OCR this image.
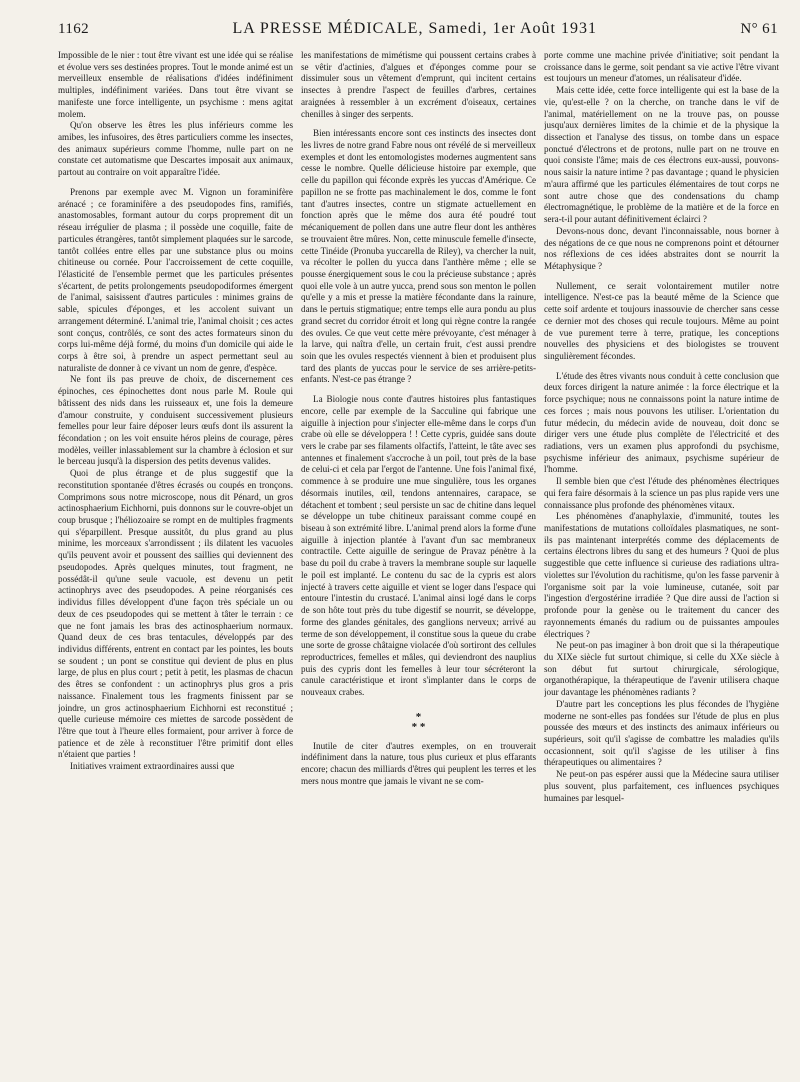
1162	LA PRESSE MÉDICALE, Samedi, 1er Août 1931	N° 61

Impossible de le nier : tout être vivant est une idée qui se réalise et évolue vers ses destinées propres. Tout le monde animé est un merveilleux ensemble de réalisations d'idées indéfiniment multiples, indéfiniment variées. Dans tout être vivant se manifeste une force intelligente, un psychisme : mens agitat molem.

Qu'on observe les êtres les plus inférieurs comme les amibes, les infusoires, des êtres particuliers comme les insectes, des animaux supérieurs comme l'homme, nulle part on ne constate cet automatisme que Descartes imposait aux animaux, partout au contraire on voit apparaître l'idée.

Prenons par exemple avec M. Vignon un foraminifère arénacé ; ce foraminifère a des pseudopodes fins, ramifiés, anastomosables, formant autour du corps proprement dit un réseau irrégulier de plasma ; il possède une coquille, faite de particules étrangères, tantôt simplement plaquées sur le sarcode, tantôt collées entre elles par une substance plus ou moins chitineuse ou cornée. Pour l'accroissement de cette coquille, l'élasticité de l'ensemble permet que les particules présentes s'écartent, de petits prolongements pseudopodiformes émergent de l'animal, saisissent d'autres particules : minimes grains de sable, spicules d'éponges, et les accolent suivant un arrangement déterminé. L'animal trie, l'animal choisit ; ces actes sont conçus, contrôlés, ce sont des actes formateurs sinon du corps lui-même déjà formé, du moins d'un domicile qui aide le corps à être soi, à prendre un aspect permettant seul au naturaliste de donner à ce vivant un nom de genre, d'espèce.

Ne font ils pas preuve de choix, de discernement ces épinoches, ces épinochettes dont nous parle M. Roule qui bâtissent des nids dans les ruisseaux et, une fois la demeure d'amour construite, y conduisent successivement plusieurs femelles pour leur faire déposer leurs œufs dont ils assurent la fécondation ; on les voit ensuite héros pleins de courage, pères modèles, veiller inlassablement sur la chambre à éclosion et sur le berceau jusqu'à la dispersion des petits devenus valides.

Quoi de plus étrange et de plus suggestif que la reconstitution spontanée d'êtres écrasés ou coupés en tronçons. Comprimons sous notre microscope, nous dit Pénard, un gros actinosphaerium Eichhorni, puis donnons sur le couvre-objet un coup brusque ; l'héliozoaire se rompt en de multiples fragments qui s'éparpillent. Presque aussitôt, du plus grand au plus minime, les morceaux s'arrondissent ; ils dilatent les vacuoles qu'ils peuvent avoir et poussent des saillies qui deviennent des pseudopodes. Après quelques minutes, tout fragment, ne possédât-il qu'une seule vacuole, est devenu un petit actinophrys avec des pseudopodes. A peine réorganisés ces individus filles développent d'une façon très spéciale un ou deux de ces pseudopodes qui se mettent à tâter le terrain : ce que ne font jamais les bras des actinosphaerium normaux. Quand deux de ces bras tentacules, développés par des individus différents, entrent en contact par les pointes, les bouts se soudent ; un pont se constitue qui devient de plus en plus large, de plus en plus court ; petit à petit, les plasmas de chacun des êtres se confondent : un actinophrys plus gros a pris naissance. Finalement tous les fragments finissent par se joindre, un gros actinosphaerium Eichhorni est reconstitué ; quelle curieuse mémoire ces miettes de sarcode possèdent de l'être que tout à l'heure elles formaient, pour arriver à force de patience et de zèle à reconstituer l'être primitif dont elles n'étaient que parties !

Initiatives vraiment extraordinaires aussi que

les manifestations de mimétisme qui poussent certains crabes à se vêtir d'actinies, d'algues et d'éponges comme pour se dissimuler sous un vêtement d'emprunt, qui incitent certains insectes à prendre l'aspect de feuilles d'arbres, certaines araignées à ressembler à un excrément d'oiseaux, certaines chenilles à singer des serpents.

Bien intéressants encore sont ces instincts des insectes dont les livres de notre grand Fabre nous ont révélé de si merveilleux exemples et dont les entomologistes modernes augmentent sans cesse le nombre. Quelle délicieuse histoire par exemple, que celle du papillon qui féconde exprès les yuccas d'Amérique. Ce papillon ne se frotte pas machinalement le dos, comme le font tant d'autres insectes, contre un stigmate actuellement en fonction après que le même dos aura été poudré tout mécaniquement de pollen dans une autre fleur dont les anthères se trouvaient être mûres. Non, cette minuscule femelle d'insecte, cette Tinéide (Pronuba yuccarella de Riley), va chercher la nuit, va récolter le pollen du yucca dans l'anthère même ; elle se pousse énergiquement sous le cou la précieuse substance ; après quoi elle vole à un autre yucca, prend sous son menton le pollen qu'elle y a mis et presse la matière fécondante dans la rainure, dans le pertuis stigmatique; entre temps elle aura pondu au plus grand secret du corridor étroit et long qui règne contre la rangée des ovules. Ce que veut cette mère prévoyante, c'est ménager à la larve, qui naîtra d'elle, un certain fruit, c'est aussi prendre soin que les ovules respectés viennent à bien et produisent plus tard des plants de yuccas pour le service de ses arrière-petits-enfants. N'est-ce pas étrange ?

La Biologie nous conte d'autres histoires plus fantastiques encore, celle par exemple de la Sacculine qui fabrique une aiguille à injection pour s'injecter elle-même dans le corps d'un crabe où elle se développera ! ! Cette cypris, guidée sans doute vers le crabe par ses filaments olfactifs, l'atteint, le tâte avec ses antennes et finalement s'accroche à un poil, tout près de la base de celui-ci et cela par l'ergot de l'antenne. Une fois l'animal fixé, commence à se produire une mue singulière, tous les organes désormais inutiles, œil, tendons antennaires, carapace, se détachent et tombent ; seul persiste un sac de chitine dans lequel se développe un tube chitineux paraissant comme coupé en biseau à son extrémité libre. L'animal prend alors la forme d'une aiguille à injection plantée à l'avant d'un sac membraneux contractile. Cette aiguille de seringue de Pravaz pénètre à la base du poil du crabe à travers la membrane souple sur laquelle le poil est implanté. Le contenu du sac de la cypris est alors injecté à travers cette aiguille et vient se loger dans l'espace qui entoure l'intestin du crustacé. L'animal ainsi logé dans le corps de son hôte tout près du tube digestif se nourrit, se développe, forme des glandes génitales, des ganglions nerveux; arrivé au terme de son développement, il constitue sous la queue du crabe une sorte de grosse châtaigne violacée d'où sortiront des cellules reproductrices, femelles et mâles, qui deviendront des nauplius puis des cypris dont les femelles à leur tour sécréteront la canule caractéristique et iront s'implanter dans le corps de nouveaux crabes.

*
* *

Inutile de citer d'autres exemples, on en trouverait indéfiniment dans la nature, tous plus curieux et plus effarants encore; chacun des milliards d'êtres qui peuplent les terres et les mers nous montre que jamais le vivant ne se com-

porte comme une machine privée d'initiative; soit pendant la croissance dans le germe, soit pendant sa vie active l'être vivant est toujours un meneur d'atomes, un réalisateur d'idée.

Mais cette idée, cette force intelligente qui est la base de la vie, qu'est-elle ? on la cherche, on tranche dans le vif de l'animal, matériellement on ne la trouve pas, on pousse jusqu'aux dernières limites de la chimie et de la physique la dissection et l'analyse des tissus, on tombe dans un espace ponctué d'électrons et de protons, nulle part on ne trouve en quoi consiste l'âme; mais de ces électrons eux-aussi, pouvons-nous saisir la nature intime ? pas davantage ; quand le physicien m'aura affirmé que les particules élémentaires de tout corps ne sont autre chose que des condensations du champ électromagnétique, le problème de la matière et de la force en sera-t-il pour autant définitivement éclairci ?

Devons-nous donc, devant l'inconnaissable, nous borner à des négations de ce que nous ne comprenons point et détourner nos réflexions de ces idées abstraites dont se nourrit la Métaphysique ?

Nullement, ce serait volontairement mutiler notre intelligence. N'est-ce pas la beauté même de la Science que cette soif ardente et toujours inassouvie de chercher sans cesse ce dernier mot des choses qui recule toujours. Même au point de vue purement terre à terre, pratique, les conceptions nouvelles des physiciens et des biologistes se trouvent singulièrement fécondes.

L'étude des êtres vivants nous conduit à cette conclusion que deux forces dirigent la nature animée : la force électrique et la force psychique; nous ne connaissons point la nature intime de ces forces ; mais nous pouvons les utiliser. L'orientation du futur médecin, du médecin avide de nouveau, doit donc se diriger vers une étude plus complète de l'électricité et des radiations, vers un examen plus approfondi du psychisme, psychisme inférieur des animaux, psychisme supérieur de l'homme.

Il semble bien que c'est l'étude des phénomènes électriques qui fera faire désormais à la science un pas plus rapide vers une connaissance plus profonde des phénomènes vitaux.

Les phénomènes d'anaphylaxie, d'immunité, toutes les manifestations de mutations colloïdales plasmatiques, ne sont-ils pas maintenant interprétés comme des déplacements de certains électrons libres du sang et des humeurs ? Quoi de plus suggestible que cette influence si curieuse des radiations ultra-violettes sur l'évolution du rachitisme, qu'on les fasse parvenir à l'organisme soit par la voie lumineuse, cutanée, soit par l'ingestion d'ergostérine irradiée ? Que dire aussi de l'action si profonde pour la genèse ou le traitement du cancer des rayonnements émanés du radium ou de puissantes ampoules électriques ?

Ne peut-on pas imaginer à bon droit que si la thérapeutique du XIXe siècle fut surtout chimique, si celle du XXe siècle à son début fut surtout chirurgicale, sérologique, organothérapique, la thérapeutique de l'avenir utilisera chaque jour davantage les phénomènes radiants ?

D'autre part les conceptions les plus fécondes de l'hygiène moderne ne sont-elles pas fondées sur l'étude de plus en plus poussée des mœurs et des instincts des animaux inférieurs ou supérieurs, soit qu'il s'agisse de combattre les maladies qu'ils occasionnent, soit qu'il s'agisse de les utiliser à fins thérapeutiques ou alimentaires ?

Ne peut-on pas espérer aussi que la Médecine saura utiliser plus souvent, plus parfaitement, ces influences psychiques humaines par lesquel-
